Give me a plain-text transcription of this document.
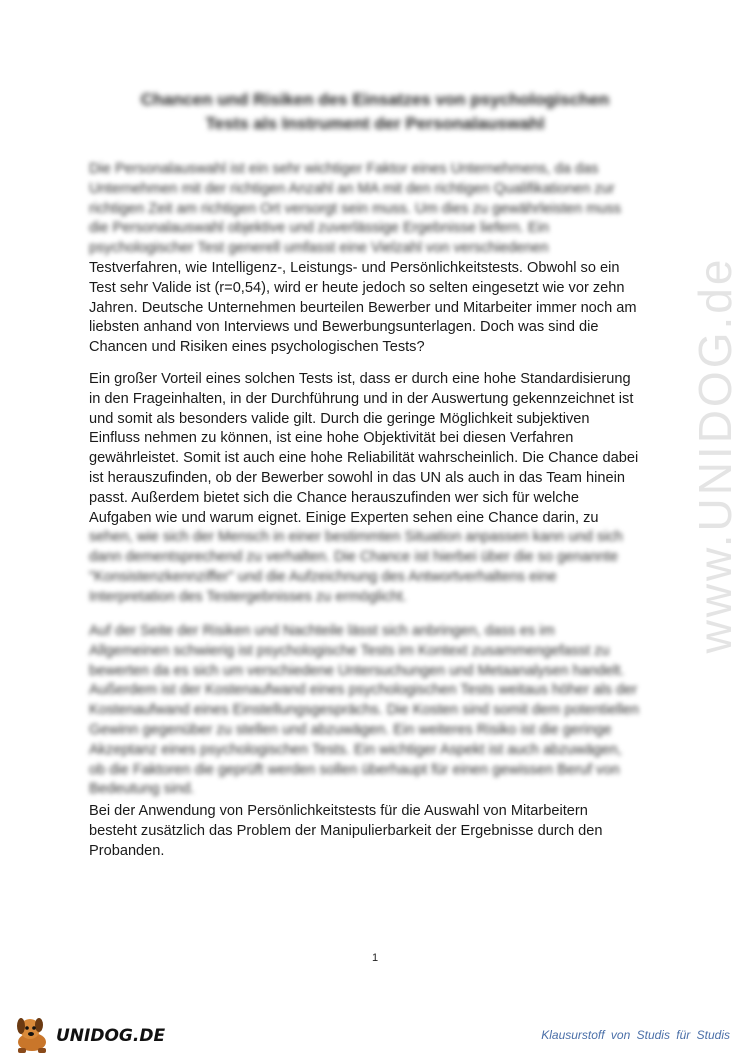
www.UNIDOG.de
Chancen und Risiken des Einsatzes von psychologischen
Tests als Instrument der Personalauswahl
Die Personalauswahl ist ein sehr wichtiger Faktor eines Unternehmens, da das
Unternehmen mit der richtigen Anzahl an MA mit den richtigen Qualifikationen zur
richtigen Zeit am richtigen Ort versorgt sein muss. Um dies zu gewährleisten muss
die Personalauswahl objektive und zuverlässige Ergebnisse liefern. Ein
psychologischer Test generell umfasst eine Vielzahl von verschiedenen
Testverfahren, wie Intelligenz-, Leistungs- und Persönlichkeitstests. Obwohl so ein
Test sehr Valide ist (r=0,54), wird er heute jedoch so selten eingesetzt wie vor zehn
Jahren. Deutsche Unternehmen beurteilen Bewerber und Mitarbeiter immer noch am
liebsten anhand von Interviews und Bewerbungsunterlagen. Doch was sind die
Chancen und Risiken eines psychologischen Tests?
Ein großer Vorteil eines solchen Tests ist, dass er durch eine hohe Standardisierung
in den Frageinhalten, in der Durchführung und in der Auswertung gekennzeichnet ist
und somit als besonders valide gilt. Durch die geringe Möglichkeit subjektiven
Einfluss nehmen zu können, ist eine hohe Objektivität bei diesen Verfahren
gewährleistet. Somit ist auch eine hohe Reliabilität wahrscheinlich. Die Chance dabei
ist herauszufinden, ob der Bewerber sowohl in das UN als auch in das Team hinein
passt. Außerdem bietet sich die Chance herauszufinden wer sich für welche
Aufgaben wie und warum eignet. Einige Experten sehen eine Chance darin, zu
sehen, wie sich der Mensch in einer bestimmten Situation anpassen kann und sich
dann dementsprechend zu verhalten. Die Chance ist hierbei über die so genannte
"Konsistenzkennziffer" und die Aufzeichnung des Antwortverhaltens eine
Interpretation des Testergebnisses zu ermöglicht.
Auf der Seite der Risiken und Nachteile lässt sich anbringen, dass es im
Allgemeinen schwierig ist psychologische Tests im Kontext zusammengefasst zu
bewerten da es sich um verschiedene Untersuchungen und Metaanalysen handelt.
Außerdem ist der Kostenaufwand eines psychologischen Tests weitaus höher als der
Kostenaufwand eines Einstellungsgesprächs. Die Kosten sind somit dem potentiellen
Gewinn gegenüber zu stellen und abzuwägen. Ein weiteres Risiko ist die geringe
Akzeptanz eines psychologischen Tests. Ein wichtiger Aspekt ist auch abzuwägen,
ob die Faktoren die geprüft werden sollen überhaupt für einen gewissen Beruf von
Bedeutung sind.
Bei der Anwendung von Persönlichkeitstests für die Auswahl von Mitarbeitern
besteht zusätzlich das Problem der Manipulierbarkeit der Ergebnisse durch den
Probanden.
1
UNIDOG.DE	Klausurstoff von Studis für Studis
